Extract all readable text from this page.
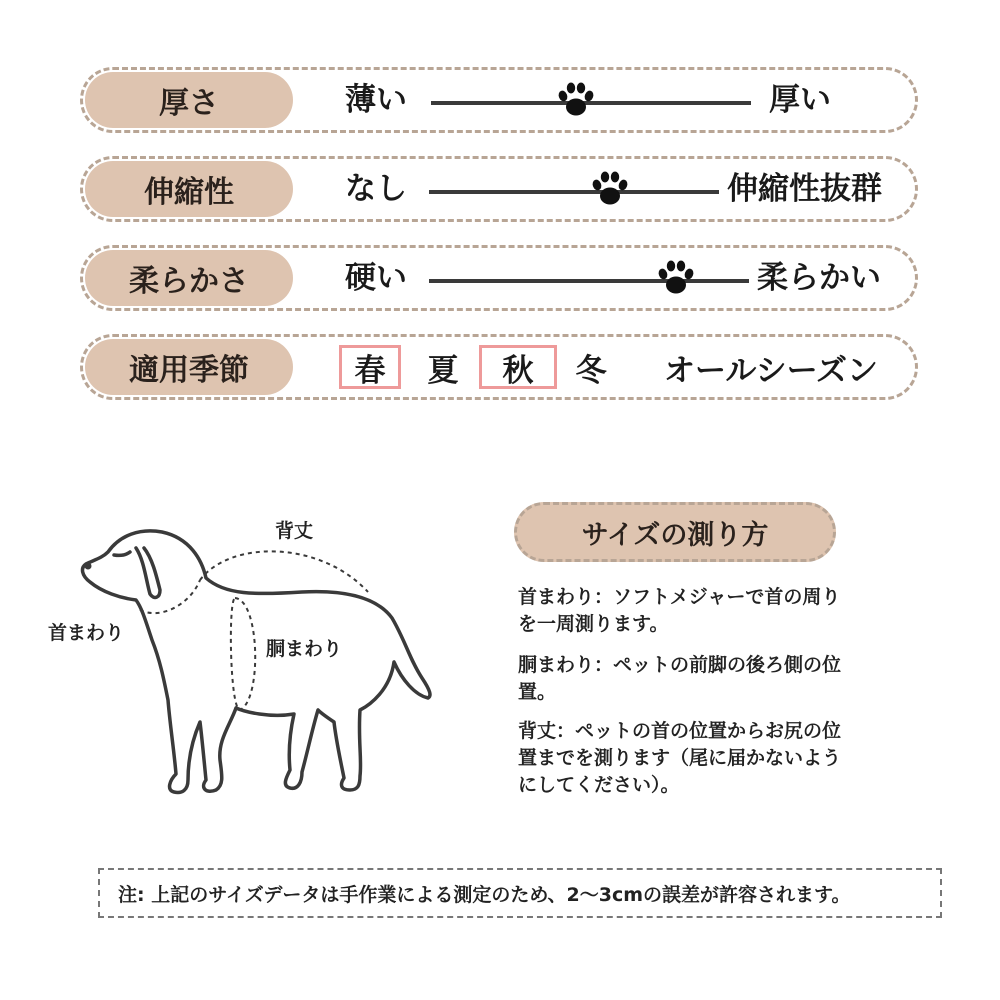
厚さ	薄い	厚い
伸縮性	なし	伸縮性抜群
柔らかさ	硬い	柔らかい
適用季節	春	夏	秋	冬	オールシーズン
背丈
首まわり
胴まわり
サイズの測り方
首まわり：ソフトメジャーで首の周り
を一周測ります。
胴まわり：ペットの前脚の後ろ側の位
置。
背丈：ペットの首の位置からお尻の位
置までを測ります（尾に届かないよう
にしてください）。
注: 上記のサイズデータは手作業による測定のため、2〜3cmの誤差が許容されます。
